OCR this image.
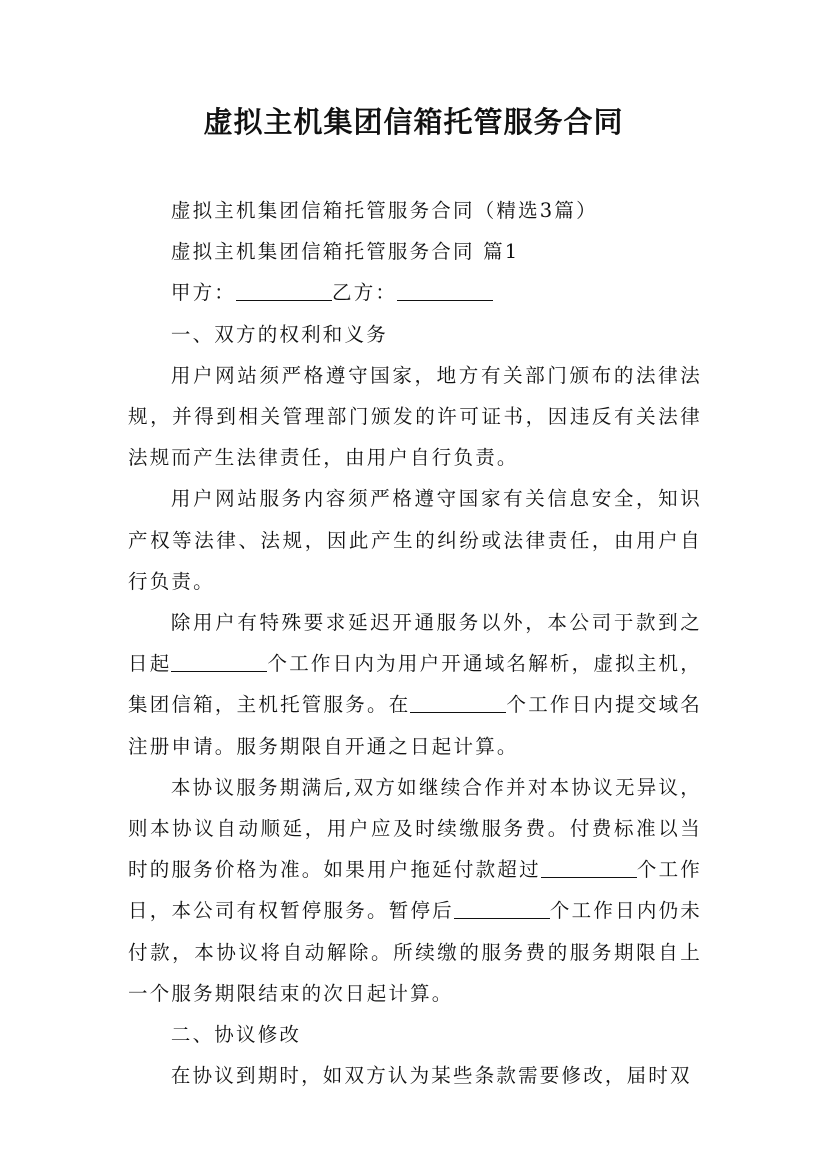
虚拟主机集团信箱托管服务合同

虚拟主机集团信箱托管服务合同（精选3篇）

虚拟主机集团信箱托管服务合同 篇1

甲方：	乙方：

一、双方的权利和义务

用户网站须严格遵守国家，地方有关部门颁布的法律法规，并得到相关管理部门颁发的许可证书，因违反有关法律法规而产生法律责任，由用户自行负责。

用户网站服务内容须严格遵守国家有关信息安全，知识产权等法律、法规，因此产生的纠纷或法律责任，由用户自行负责。

除用户有特殊要求延迟开通服务以外，本公司于款到之日起	个工作日内为用户开通域名解析，虚拟主机，集团信箱，主机托管服务。在	个工作日内提交域名注册申请。服务期限自开通之日起计算。

本协议服务期满后,双方如继续合作并对本协议无异议，则本协议自动顺延，用户应及时续缴服务费。付费标准以当时的服务价格为准。如果用户拖延付款超过	个工作日，本公司有权暂停服务。暂停后	个工作日内仍未付款，本协议将自动解除。所续缴的服务费的服务期限自上一个服务期限结束的次日起计算。

二、协议修改

在协议到期时，如双方认为某些条款需要修改，届时双
